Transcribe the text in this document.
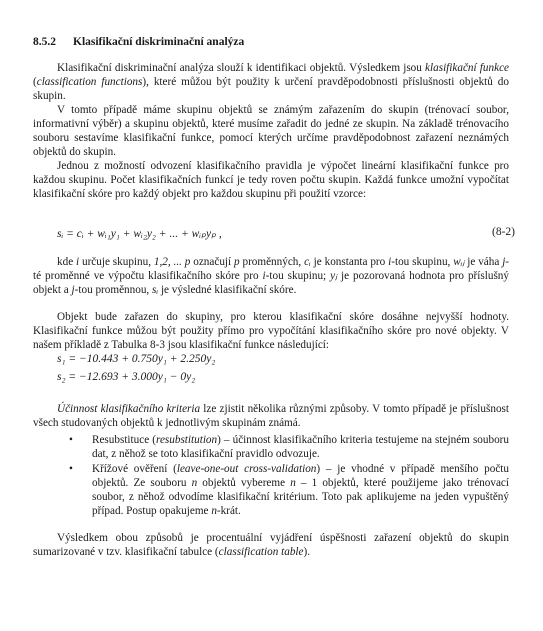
8.5.2 Klasifikační diskriminační analýza

Klasifikační diskriminační analýza slouží k identifikaci objektů. Výsledkem jsou klasifikační funkce (classification functions), které můžou být použity k určení pravděpodobnosti příslušnosti objektů do skupin.

V tomto případě máme skupinu objektů se známým zařazením do skupin (trénovací soubor, informativní výběr) a skupinu objektů, které musíme zařadit do jedné ze skupin. Na základě trénovacího souboru sestavíme klasifikační funkce, pomocí kterých určíme pravděpodobnost zařazení neznámých objektů do skupin.

Jednou z možností odvození klasifikačního pravidla je výpočet lineární klasifikační funkce pro každou skupinu. Počet klasifikačních funkcí je tedy roven počtu skupin. Každá funkce umožní vypočítat klasifikační skóre pro každý objekt pro každou skupinu při použití vzorce:

sᵢ = cᵢ + wᵢ₁y₁ + wᵢ₂y₂ + ... + wᵢₚyₚ ,	(8-2)

kde i určuje skupinu, 1,2, ... p označují p proměnných, cᵢ je konstanta pro i-tou skupinu, wᵢⱼ je váha j-té proměnné ve výpočtu klasifikačního skóre pro i-tou skupinu; yⱼ je pozorovaná hodnota pro příslušný objekt a j-tou proměnnou, sᵢ je výsledné klasifikační skóre.

Objekt bude zařazen do skupiny, pro kterou klasifikační skóre dosáhne nejvyšší hodnoty. Klasifikační funkce můžou být použity přímo pro vypočítání klasifikačního skóre pro nové objekty. V našem příkladě z Tabulka 8-3 jsou klasifikační funkce následující:

s₁ = −10.443 + 0.750y₁ + 2.250y₂
s₂ = −12.693 + 3.000y₁ − 0y₂

Účinnost klasifikačního kriteria lze zjistit několika různými způsoby. V tomto případě je příslušnost všech studovaných objektů k jednotlivým skupinám známá.

• Resubstituce (resubstitution) – účinnost klasifikačního kriteria testujeme na stejném souboru dat, z něhož se toto klasifikační pravidlo odvozuje.
• Křížové ověření (leave-one-out cross-validation) – je vhodné v případě menšího počtu objektů. Ze souboru n objektů vybereme n – 1 objektů, které použijeme jako trénovací soubor, z něhož odvodíme klasifikační kritérium. Toto pak aplikujeme na jeden vypuštěný případ. Postup opakujeme n-krát.

Výsledkem obou způsobů je procentuální vyjádření úspěšnosti zařazení objektů do skupin sumarizované v tzv. klasifikační tabulce (classification table).
